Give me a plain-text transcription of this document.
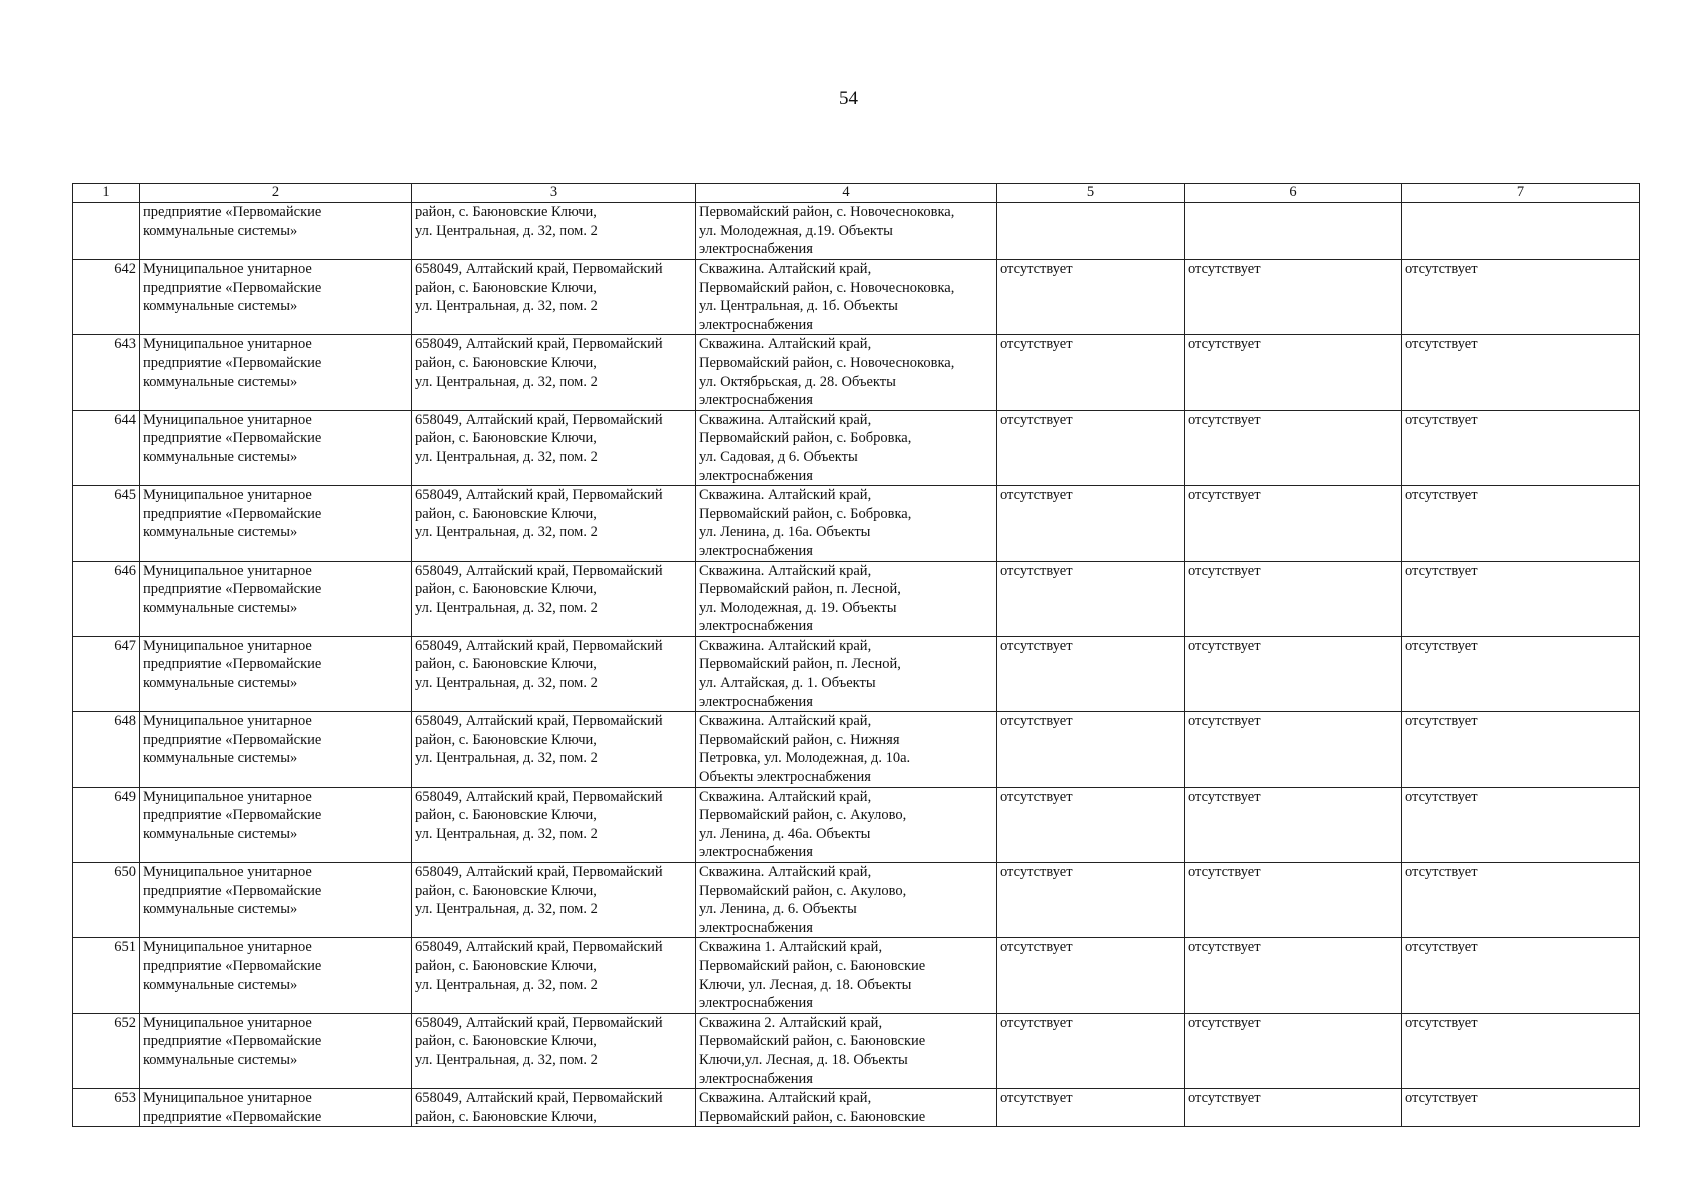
54
1	2	3	4	5	6	7

	предприятие «Первомайские
коммунальные системы»	район, с. Баюновские Ключи,
ул. Центральная, д. 32, пом. 2	Первомайский район, с. Новочесноковка,
ул. Молодежная, д.19. Объекты
электроснабжения			

642	Муниципальное унитарное
предприятие «Первомайские
коммунальные системы»	658049, Алтайский край, Первомайский
район, с. Баюновские Ключи,
ул. Центральная, д. 32, пом. 2	Скважина. Алтайский край,
Первомайский район, с. Новочесноковка,
ул. Центральная, д. 1б. Объекты
электроснабжения	отсутствует	отсутствует	отсутствует

643	Муниципальное унитарное
предприятие «Первомайские
коммунальные системы»	658049, Алтайский край, Первомайский
район, с. Баюновские Ключи,
ул. Центральная, д. 32, пом. 2	Скважина. Алтайский край,
Первомайский район, с. Новочесноковка,
ул. Октябрьская, д. 28. Объекты
электроснабжения	отсутствует	отсутствует	отсутствует

644	Муниципальное унитарное
предприятие «Первомайские
коммунальные системы»	658049, Алтайский край, Первомайский
район, с. Баюновские Ключи,
ул. Центральная, д. 32, пом. 2	Скважина. Алтайский край,
Первомайский район, с. Бобровка,
ул. Садовая, д 6. Объекты
электроснабжения	отсутствует	отсутствует	отсутствует

645	Муниципальное унитарное
предприятие «Первомайские
коммунальные системы»	658049, Алтайский край, Первомайский
район, с. Баюновские Ключи,
ул. Центральная, д. 32, пом. 2	Скважина. Алтайский край,
Первомайский район, с. Бобровка,
ул. Ленина, д. 16а. Объекты
электроснабжения	отсутствует	отсутствует	отсутствует

646	Муниципальное унитарное
предприятие «Первомайские
коммунальные системы»	658049, Алтайский край, Первомайский
район, с. Баюновские Ключи,
ул. Центральная, д. 32, пом. 2	Скважина. Алтайский край,
Первомайский район, п. Лесной,
ул. Молодежная, д. 19. Объекты
электроснабжения	отсутствует	отсутствует	отсутствует

647	Муниципальное унитарное
предприятие «Первомайские
коммунальные системы»	658049, Алтайский край, Первомайский
район, с. Баюновские Ключи,
ул. Центральная, д. 32, пом. 2	Скважина. Алтайский край,
Первомайский район, п. Лесной,
ул. Алтайская, д. 1. Объекты
электроснабжения	отсутствует	отсутствует	отсутствует

648	Муниципальное унитарное
предприятие «Первомайские
коммунальные системы»	658049, Алтайский край, Первомайский
район, с. Баюновские Ключи,
ул. Центральная, д. 32, пом. 2	Скважина. Алтайский край,
Первомайский район, с. Нижняя
Петровка, ул. Молодежная, д. 10а.
Объекты электроснабжения	отсутствует	отсутствует	отсутствует

649	Муниципальное унитарное
предприятие «Первомайские
коммунальные системы»	658049, Алтайский край, Первомайский
район, с. Баюновские Ключи,
ул. Центральная, д. 32, пом. 2	Скважина. Алтайский край,
Первомайский район, с. Акулово,
ул. Ленина, д. 46а. Объекты
электроснабжения	отсутствует	отсутствует	отсутствует

650	Муниципальное унитарное
предприятие «Первомайские
коммунальные системы»	658049, Алтайский край, Первомайский
район, с. Баюновские Ключи,
ул. Центральная, д. 32, пом. 2	Скважина. Алтайский край,
Первомайский район, с. Акулово,
ул. Ленина, д. 6. Объекты
электроснабжения	отсутствует	отсутствует	отсутствует

651	Муниципальное унитарное
предприятие «Первомайские
коммунальные системы»	658049, Алтайский край, Первомайский
район, с. Баюновские Ключи,
ул. Центральная, д. 32, пом. 2	Скважина 1. Алтайский край,
Первомайский район, с. Баюновские
Ключи, ул. Лесная, д. 18. Объекты
электроснабжения	отсутствует	отсутствует	отсутствует

652	Муниципальное унитарное
предприятие «Первомайские
коммунальные системы»	658049, Алтайский край, Первомайский
район, с. Баюновские Ключи,
ул. Центральная, д. 32, пом. 2	Скважина 2. Алтайский край,
Первомайский район, с. Баюновские
Ключи,ул. Лесная, д. 18. Объекты
электроснабжения	отсутствует	отсутствует	отсутствует

653	Муниципальное унитарное
предприятие «Первомайские	658049, Алтайский край, Первомайский
район, с. Баюновские Ключи,	Скважина. Алтайский край,
Первомайский район, с. Баюновские	отсутствует	отсутствует	отсутствует
